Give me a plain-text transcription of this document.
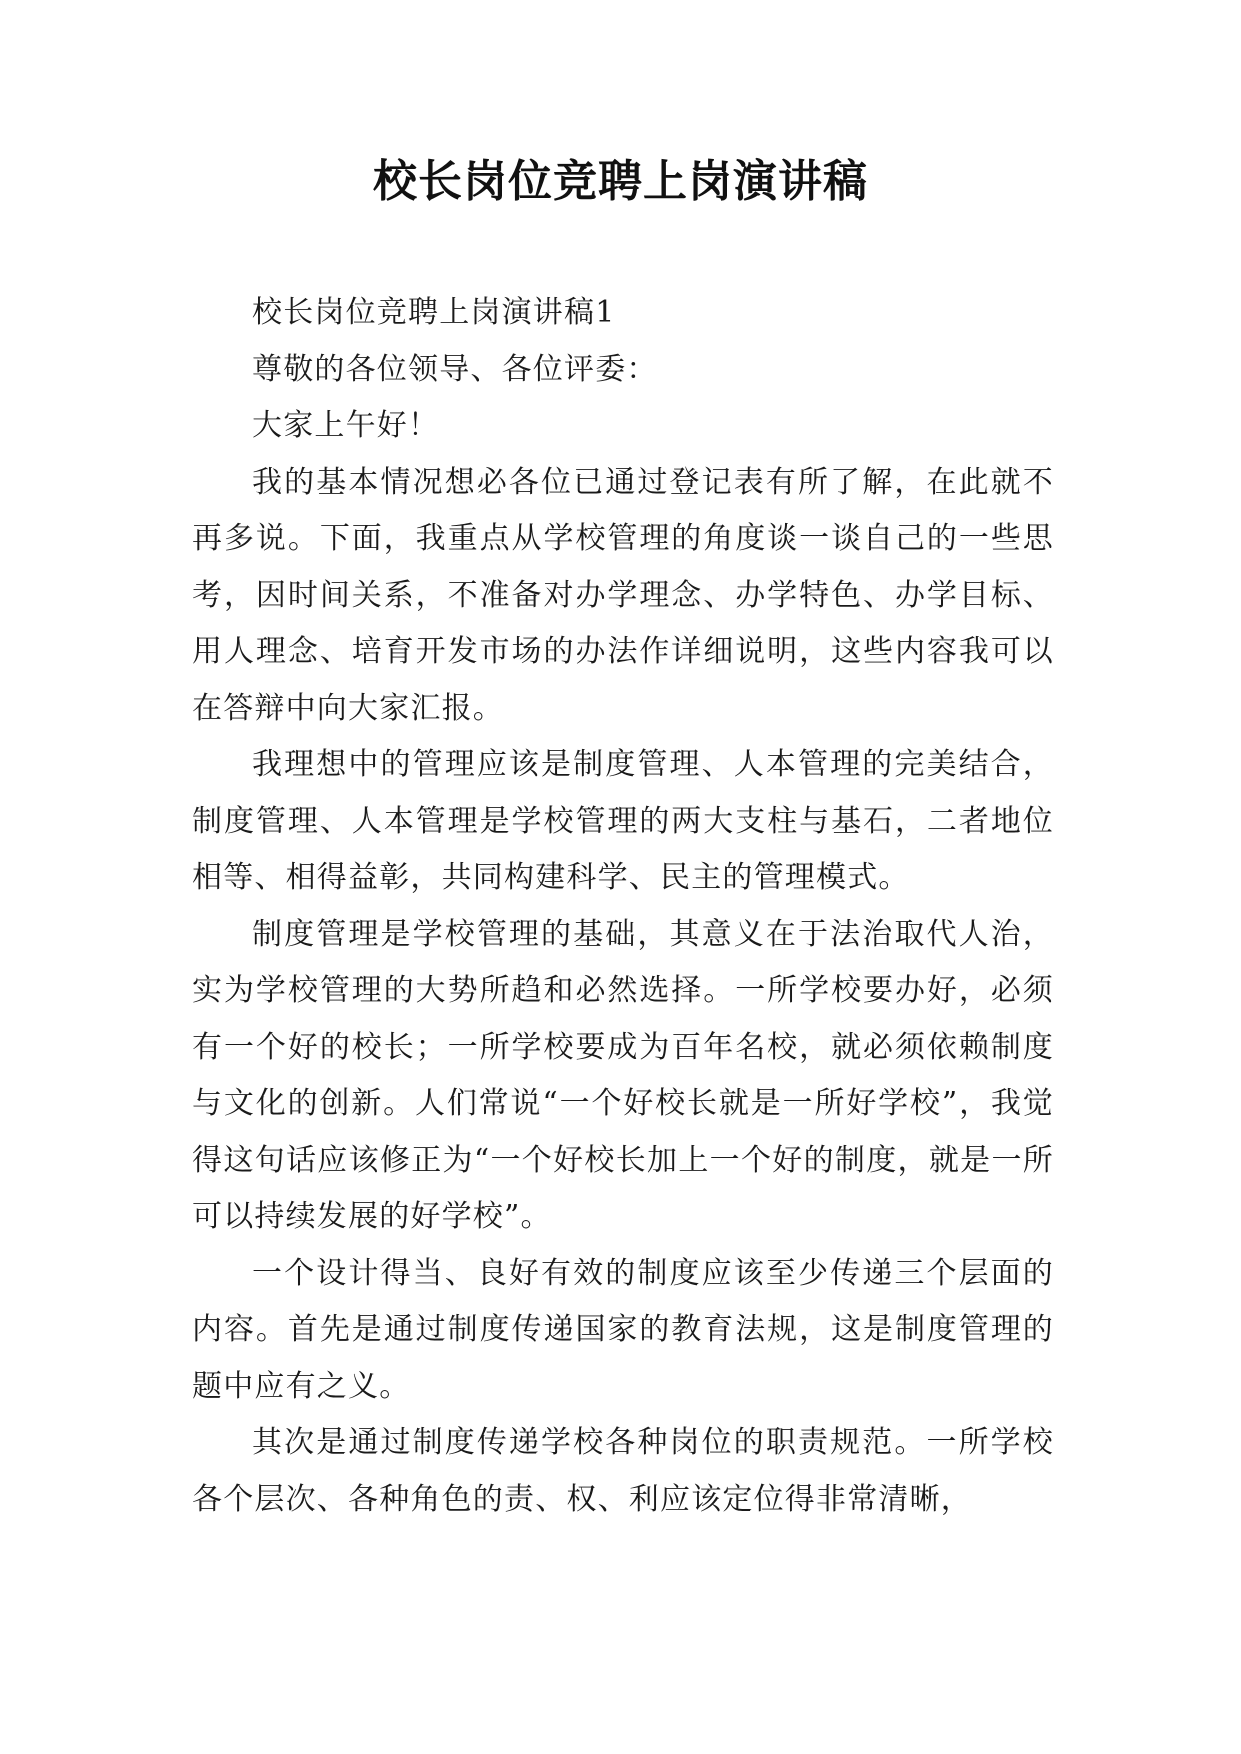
校长岗位竞聘上岗演讲稿

校长岗位竞聘上岗演讲稿1

尊敬的各位领导、各位评委：

大家上午好！

我的基本情况想必各位已通过登记表有所了解，在此就不再多说。下面，我重点从学校管理的角度谈一谈自己的一些思考，因时间关系，不准备对办学理念、办学特色、办学目标、用人理念、培育开发市场的办法作详细说明，这些内容我可以在答辩中向大家汇报。

我理想中的管理应该是制度管理、人本管理的完美结合，制度管理、人本管理是学校管理的两大支柱与基石，二者地位相等、相得益彰，共同构建科学、民主的管理模式。

制度管理是学校管理的基础，其意义在于法治取代人治，实为学校管理的大势所趋和必然选择。一所学校要办好，必须有一个好的校长；一所学校要成为百年名校，就必须依赖制度与文化的创新。人们常说“一个好校长就是一所好学校”，我觉得这句话应该修正为“一个好校长加上一个好的制度，就是一所可以持续发展的好学校”。

一个设计得当、良好有效的制度应该至少传递三个层面的内容。首先是通过制度传递国家的教育法规，这是制度管理的题中应有之义。

其次是通过制度传递学校各种岗位的职责规范。一所学校各个层次、各种角色的责、权、利应该定位得非常清晰，
